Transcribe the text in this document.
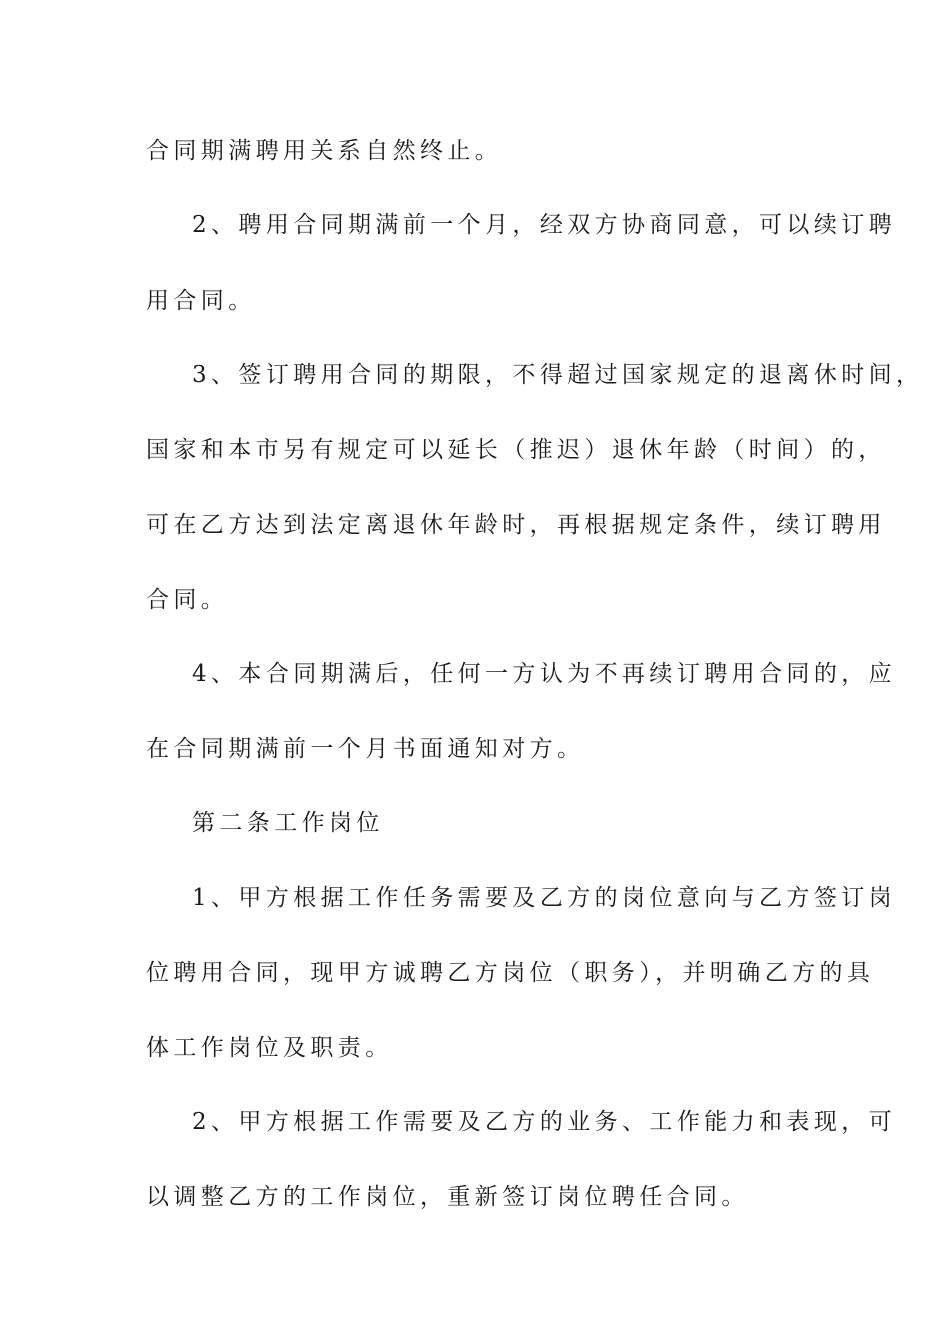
合同期满聘用关系自然终止。
2、聘用合同期满前一个月，经双方协商同意，可以续订聘
用合同。
3、签订聘用合同的期限，不得超过国家规定的退离休时间，
国家和本市另有规定可以延长（推迟）退休年龄（时间）的，
可在乙方达到法定离退休年龄时，再根据规定条件，续订聘用
合同。
4、本合同期满后，任何一方认为不再续订聘用合同的，应
在合同期满前一个月书面通知对方。
第二条工作岗位
1、甲方根据工作任务需要及乙方的岗位意向与乙方签订岗
位聘用合同，现甲方诚聘乙方岗位（职务），并明确乙方的具
体工作岗位及职责。
2、甲方根据工作需要及乙方的业务、工作能力和表现，可
以调整乙方的工作岗位，重新签订岗位聘任合同。
